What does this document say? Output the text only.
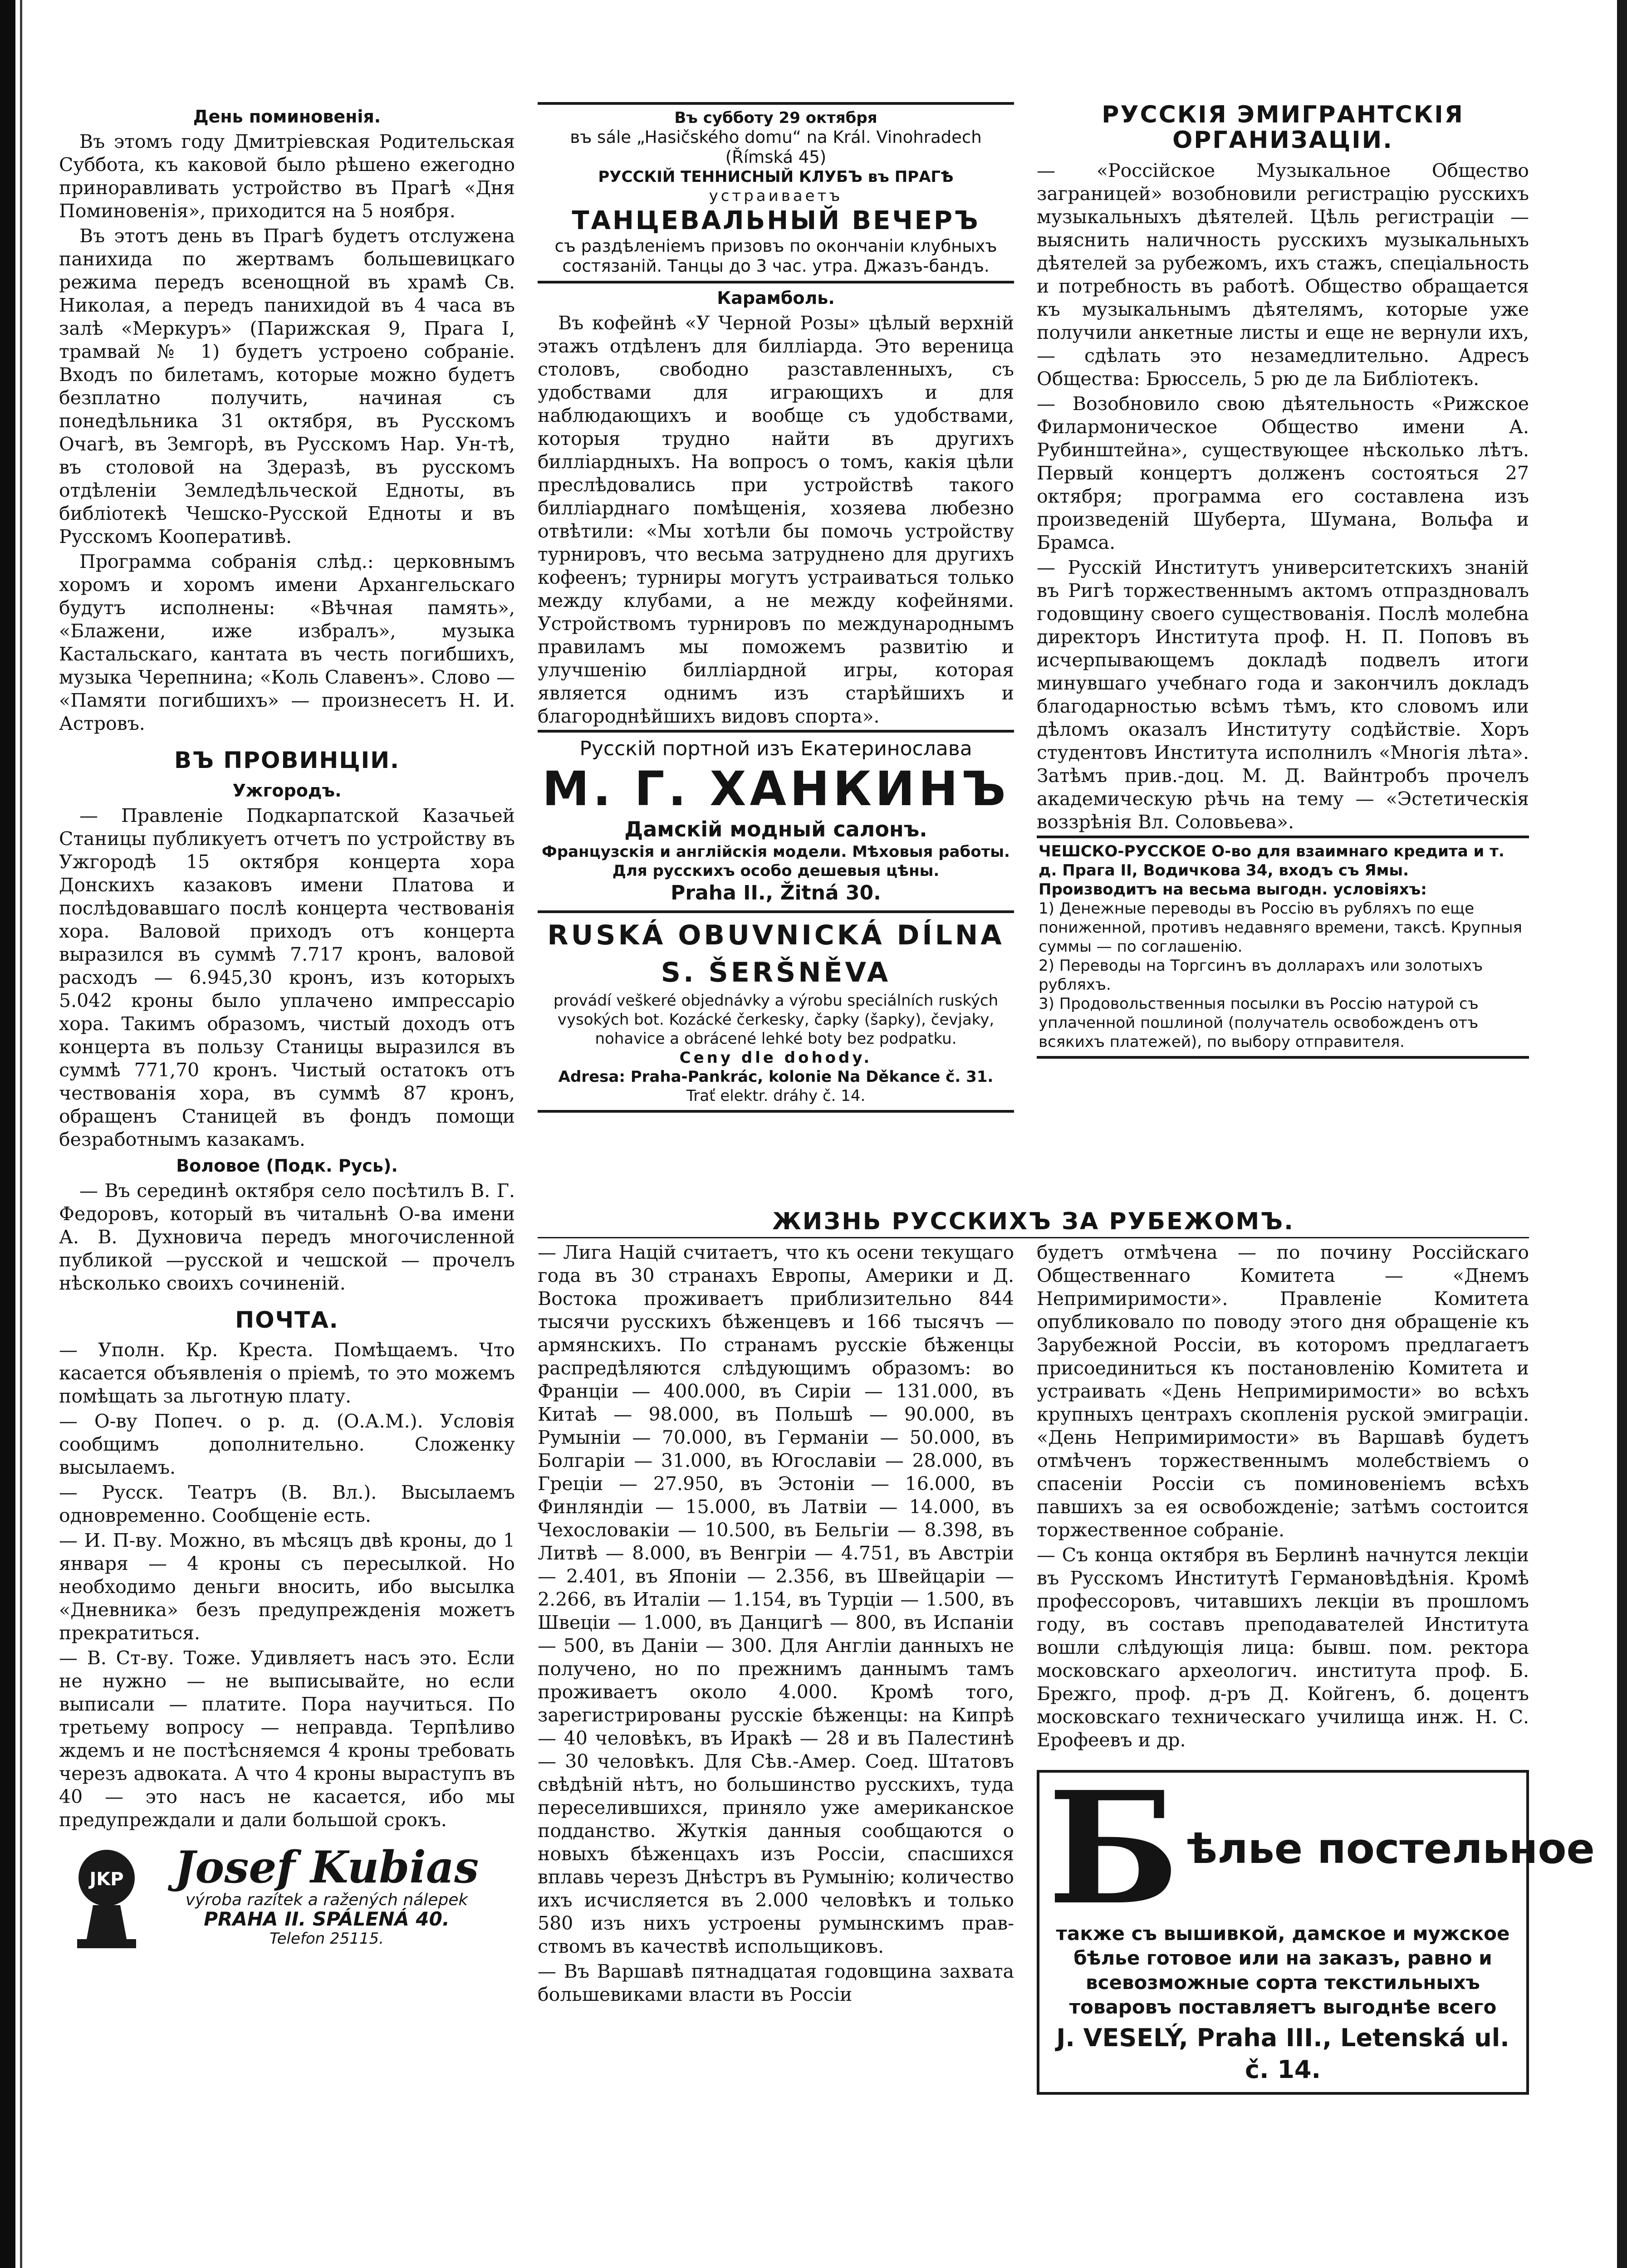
День поминовенія.

Въ этомъ году Дмитріевская Родительская Суббота, къ каковой было рѣшено ежегодно приноравливать устройство въ Прагѣ «Дня Поминовенія», приходится на 5 ноября.

Въ этотъ день въ Прагѣ будетъ отслужена панихида по жертвамъ большевицкаго режима передъ всенощной въ храмѣ Св. Николая, а передъ панихидой въ 4 часа въ залѣ «Меркуръ» (Парижская 9, Прага I, трамвай № 1) будетъ устроено собраніе. Входъ по билетамъ, которые можно будетъ безплатно получить, начиная съ понедѣльника 31 октября, въ Русскомъ Очагѣ, въ Земгорѣ, въ Русскомъ Нар. Ун-тѣ, въ столовой на Здеразѣ, въ русскомъ отдѣленіи Земледѣльческой Едноты, въ библіотекѣ Чешско-Русской Едноты и въ Русскомъ Кооперативѣ.

Программа собранія слѣд.: церковнымъ хоромъ и хоромъ имени Архангельскаго будутъ исполнены: «Вѣчная память», «Блажени, иже избралъ», музыка Кастальскаго, кантата въ честь погибшихъ, музыка Черепнина; «Коль Славенъ». Слово — «Памяти погибшихъ» — произнесетъ Н. И. Астровъ.

ВЪ ПРОВИНЦІИ.
Ужгородъ.

— Правленіе Подкарпатской Казачьей Станицы публикуетъ отчетъ по устройству въ Ужгородѣ 15 октября концерта хора Донскихъ казаковъ имени Платова и послѣдовавшаго послѣ концерта чествованія хора. Валовой приходъ отъ концерта выразился въ суммѣ 7.717 кронъ, валовой расходъ — 6.945,30 кронъ, изъ которыхъ 5.042 кроны было уплачено импрессаріо хора. Такимъ образомъ, чистый доходъ отъ концерта въ пользу Станицы выразился въ суммѣ 771,70 кронъ. Чистый остатокъ отъ чествованія хора, въ суммѣ 87 кронъ, обращенъ Станицей въ фондъ помощи безработнымъ казакамъ.

Воловое (Подк. Русь).

— Въ серединѣ октября село посѣтилъ В. Г. Федоровъ, который въ читальнѣ О-ва имени А. В. Духновича передъ многочисленной публикой —русской и чешской — прочелъ нѣсколько своихъ сочиненій.

ПОЧТА.

— Уполн. Кр. Креста. Помѣщаемъ. Что касается объявленія о пріемѣ, то это можемъ помѣщать за льготную плату.

— О-ву Попеч. о р. д. (О.А.М.). Условія сообщимъ дополнительно. Сложенку высылаемъ.

— Русск. Театръ (В. Вл.). Высылаемъ одновременно. Сообщеніе есть.

— И. П-ву. Можно, въ мѣсяцъ двѣ кроны, до 1 января — 4 кроны съ пересылкой. Но необходимо деньги вносить, ибо высылка «Дневника» безъ предупрежденія можетъ прекратиться.

— В. Ст-ву. Тоже. Удивляетъ насъ это. Если не нужно — не выписывайте, но если выписали — платите. Пора научиться. По третьему вопросу — неправда. Терпѣливо ждемъ и не постѣсняемся 4 кроны требовать черезъ адвоката. А что 4 кроны выраступъ въ 40 — это насъ не касается, ибо мы предупреждали и дали большой срокъ.

JKP Josef Kubias
výroba razítek a ražených nálepek
PRAHA II. SPÁLENÁ 40.
Telefon 25115.
Въ субботу 29 октября
въ sále „Hasičského domu“ na Král. Vinohradech
(Římská 45)
РУССКІЙ ТЕННИСНЫЙ КЛУБЪ въ ПРАГѢ
устраиваетъ
ТАНЦЕВАЛЬНЫЙ ВЕЧЕРЪ
съ раздѣленіемъ призовъ по окончаніи клубныхъ состязаній. Танцы до 3 час. утра. Джазъ-бандъ.
Карамболь.

Въ кофейнѣ «У Черной Розы» цѣлый верхній этажъ отдѣленъ для билліарда. Это вереница столовъ, свободно разставленныхъ, съ удобствами для играющихъ и для наблюдающихъ и вообще съ удобствами, которыя трудно найти въ другихъ билліардныхъ. На вопросъ о томъ, какія цѣли преслѣдовались при устройствѣ такого билліарднаго помѣщенія, хозяева любезно отвѣтили: «Мы хотѣли бы помочь устройству турнировъ, что весьма затруднено для другихъ кофеенъ; турниры могутъ устраиваться только между клубами, а не между кофейнями. Устройствомъ турнировъ по международнымъ правиламъ мы поможемъ развитію и улучшенію билліардной игры, которая является однимъ изъ старѣйшихъ и благороднѣйшихъ видовъ спорта».

Русскій портной изъ Екатеринослава
М. Г. ХАНКИНЪ
Дамскій модный салонъ.
Французскія и англійскія модели. Мѣховыя работы. Для русскихъ особо дешевыя цѣны.
Praha II., Žitná 30.
RUSKÁ OBUVNICKÁ DÍLNA
S. ŠERŠNĚVA
provádí veškeré objednávky a výrobu speciálních ruských vysokých bot. Kozácké čerkesky, čapky (šapky), čevjaky, nohavice a obrácené lehké boty bez podpatku.
Ceny dle dohody.
Adresa: Praha-Pankrác, kolonie Na Děkance č. 31.
Trať elektr. dráhy č. 14.
РУССКІЯ ЭМИГРАНТСКІЯ ОРГАНИЗАЦІИ.

— «Россійское Музыкальное Общество заграницей» возобновили регистрацію русскихъ музыкальныхъ дѣятелей. Цѣль регистраціи — выяснить наличность русскихъ музыкальныхъ дѣятелей за рубежомъ, ихъ стажъ, спеціальность и потребность въ работѣ. Общество обращается къ музыкальнымъ дѣятелямъ, которые уже получили анкетные листы и еще не вернули ихъ, — сдѣлать это незамедлительно. Адресъ Общества: Брюссель, 5 рю де ла Библіотекъ.

— Возобновило свою дѣятельность «Рижское Филармоническое Общество имени А. Рубинштейна», существующее нѣсколько лѣтъ. Первый концертъ долженъ состояться 27 октября; программа его составлена изъ произведеній Шуберта, Шумана, Вольфа и Брамса.

— Русскій Институтъ университетскихъ знаній въ Ригѣ торжественнымъ актомъ отпраздновалъ годовщину своего существованія. Послѣ молебна директоръ Института проф. Н. П. Поповъ въ исчерпывающемъ докладѣ подвелъ итоги минувшаго учебнаго года и закончилъ докладъ благодарностью всѣмъ тѣмъ, кто словомъ или дѣломъ оказалъ Институту содѣйствіе. Хоръ студентовъ Института исполнилъ «Многія лѣта». Затѣмъ прив.-доц. М. Д. Вайнтробъ прочелъ академическую рѣчь на тему — «Эстетическія воззрѣнія Вл. Соловьева».

ЧЕШСКО-РУССКОЕ О-во для взаимнаго кредита и т. д. Прага II, Водичкова 34, входъ съ Ямы.
Производитъ на весьма выгодн. условіяхъ:
1) Денежные переводы въ Россію въ рубляхъ по еще пониженной, противъ недавняго времени, таксѣ. Крупныя суммы — по соглашенію.
2) Переводы на Торгсинъ въ долларахъ или золотыхъ рубляхъ.
3) Продовольственныя посылки въ Россію натурой съ уплаченной пошлиной (получатель освобожденъ отъ всякихъ платежей), по выбору отправителя.
ЖИЗНЬ РУССКИХЪ ЗА РУБЕЖОМЪ.

— Лига Націй считаетъ, что къ осени текущаго года въ 30 странахъ Европы, Америки и Д. Востока проживаетъ приблизительно 844 тысячи русскихъ бѣженцевъ и 166 тысячъ — армянскихъ. По странамъ русскіе бѣженцы распредѣляются слѣдующимъ образомъ: во Франціи — 400.000, въ Сиріи — 131.000, въ Китаѣ — 98.000, въ Польшѣ — 90.000, въ Румыніи — 70.000, въ Германіи — 50.000, въ Болгаріи — 31.000, въ Югославіи — 28.000, въ Греціи — 27.950, въ Эстоніи — 16.000, въ Финляндіи — 15.000, въ Латвіи — 14.000, въ Чехословакіи — 10.500, въ Бельгіи — 8.398, въ Литвѣ — 8.000, въ Венгріи — 4.751, въ Австріи — 2.401, въ Японіи — 2.356, въ Швейцаріи — 2.266, въ Италіи — 1.154, въ Турціи — 1.500, въ Швеціи — 1.000, въ Данцигѣ — 800, въ Испаніи — 500, въ Даніи — 300. Для Англіи данныхъ не получено, но по прежнимъ даннымъ тамъ проживаетъ около 4.000. Кромѣ того, зарегистрированы русскіе бѣженцы: на Кипрѣ — 40 человѣкъ, въ Иракѣ — 28 и въ Палестинѣ — 30 человѣкъ. Для Сѣв.-Амер. Соед. Штатовъ свѣдѣній нѣтъ, но большинство русскихъ, туда переселившихся, приняло уже американское подданство. Жуткія данныя сообщаются о новыхъ бѣженцахъ изъ Россіи, спасшихся вплавь черезъ Днѣстръ въ Румынію; количество ихъ исчисляется въ 2.000 человѣкъ и только 580 изъ нихъ устроены румынскимъ прав-ствомъ въ качествѣ испольщиковъ.

— Въ Варшавѣ пятнадцатая годовщина захвата большевиками власти въ Россіи

будетъ отмѣчена — по почину Россійскаго Общественнаго Комитета — «Днемъ Непримиримости». Правленіе Комитета опубликовало по поводу этого дня обращеніе къ Зарубежной Россіи, въ которомъ предлагаетъ присоединиться къ постановленію Комитета и устраивать «День Непримиримости» во всѣхъ крупныхъ центрахъ скопленія руской эмиграціи. «День Непримиримости» въ Варшавѣ будетъ отмѣченъ торжественнымъ молебствіемъ о спасеніи Россіи съ поминовеніемъ всѣхъ павшихъ за ея освобожденіе; затѣмъ состоится торжественное собраніе.

— Съ конца октября въ Берлинѣ начнутся лекціи въ Русскомъ Институтѣ Германовѣдѣнія. Кромѣ профессоровъ, читавшихъ лекціи въ прошломъ году, въ составъ преподавателей Института вошли слѣдующія лица: бывш. пом. ректора московскаго археологич. института проф. Б. Брежго, проф. д-ръ Д. Койгенъ, б. доцентъ московскаго техническаго училища инж. Н. С. Ерофеевъ и др.

Б ѣлье постельное
также съ вышивкой, дамское и мужское бѣлье готовое или на заказъ, равно и всевозможные сорта текстильныхъ товаровъ поставляетъ выгоднѣе всего
J. VESELÝ, Praha III., Letenská ul. č. 14.
